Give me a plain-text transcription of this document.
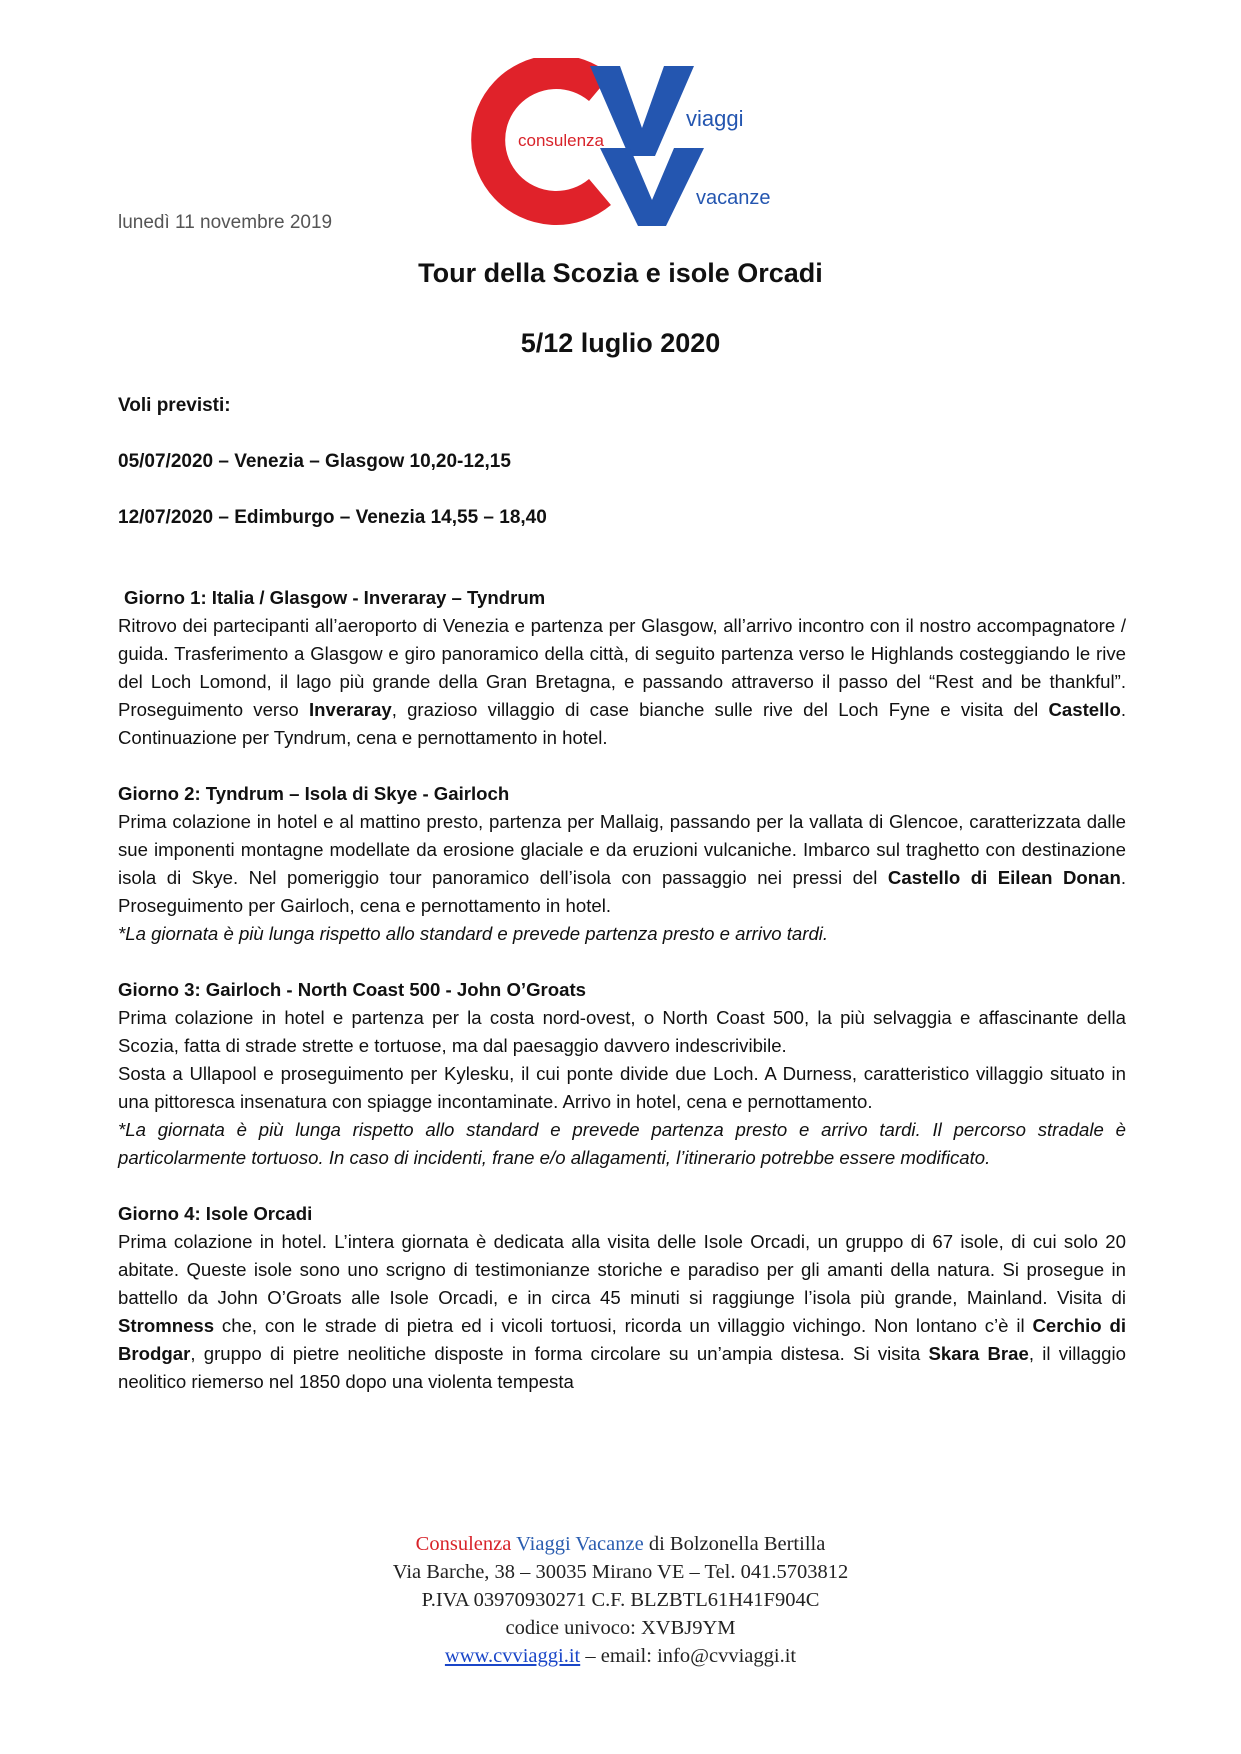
consulenza
viaggi
vacanze
lunedì 11 novembre 2019
Tour della Scozia e isole Orcadi
5/12 luglio 2020
Voli previsti:
05/07/2020 – Venezia – Glasgow 10,20-12,15
12/07/2020 – Edimburgo – Venezia 14,55 – 18,40
Giorno 1: Italia / Glasgow - Inveraray – Tyndrum

Ritrovo dei partecipanti all’aeroporto di Venezia e partenza per Glasgow, all’arrivo incontro con il nostro accompagnatore / guida. Trasferimento a Glasgow e giro panoramico della città, di seguito partenza verso le Highlands costeggiando le rive del Loch Lomond, il lago più grande della Gran Bretagna, e passando attraverso il passo del “Rest and be thankful”. Proseguimento verso Inveraray, grazioso villaggio di case bianche sulle rive del Loch Fyne e visita del Castello. Continuazione per Tyndrum, cena e pernottamento in hotel.

Giorno 2: Tyndrum – Isola di Skye - Gairloch

Prima colazione in hotel e al mattino presto, partenza per Mallaig, passando per la vallata di Glencoe, caratterizzata dalle sue imponenti montagne modellate da erosione glaciale e da eruzioni vulcaniche. Imbarco sul traghetto con destinazione isola di Skye. Nel pomeriggio tour panoramico dell’isola con passaggio nei pressi del Castello di Eilean Donan. Proseguimento per Gairloch, cena e pernottamento in hotel.

*La giornata è più lunga rispetto allo standard e prevede partenza presto e arrivo tardi.

Giorno 3: Gairloch - North Coast 500 - John O’Groats

Prima colazione in hotel e partenza per la costa nord-ovest, o North Coast 500, la più selvaggia e affascinante della Scozia, fatta di strade strette e tortuose, ma dal paesaggio davvero indescrivibile.

Sosta a Ullapool e proseguimento per Kylesku, il cui ponte divide due Loch. A Durness, caratteristico villaggio situato in una pittoresca insenatura con spiagge incontaminate. Arrivo in hotel, cena e pernottamento.

*La giornata è più lunga rispetto allo standard e prevede partenza presto e arrivo tardi. Il percorso stradale è particolarmente tortuoso. In caso di incidenti, frane e/o allagamenti, l’itinerario potrebbe essere modificato.

Giorno 4: Isole Orcadi

Prima colazione in hotel. L’intera giornata è dedicata alla visita delle Isole Orcadi, un gruppo di 67 isole, di cui solo 20 abitate. Queste isole sono uno scrigno di testimonianze storiche e paradiso per gli amanti della natura. Si prosegue in battello da John O’Groats alle Isole Orcadi, e in circa 45 minuti si raggiunge l’isola più grande, Mainland. Visita di Stromness che, con le strade di pietra ed i vicoli tortuosi, ricorda un villaggio vichingo. Non lontano c’è il Cerchio di Brodgar, gruppo di pietre neolitiche disposte in forma circolare su un’ampia distesa. Si visita Skara Brae, il villaggio neolitico riemerso nel 1850 dopo una violenta tempesta

Consulenza Viaggi Vacanze di Bolzonella Bertilla
Via Barche, 38 – 30035 Mirano VE – Tel. 041.5703812
P.IVA 03970930271 C.F. BLZBTL61H41F904C
codice univoco: XVBJ9YM
www.cvviaggi.it – email: info@cvviaggi.it
